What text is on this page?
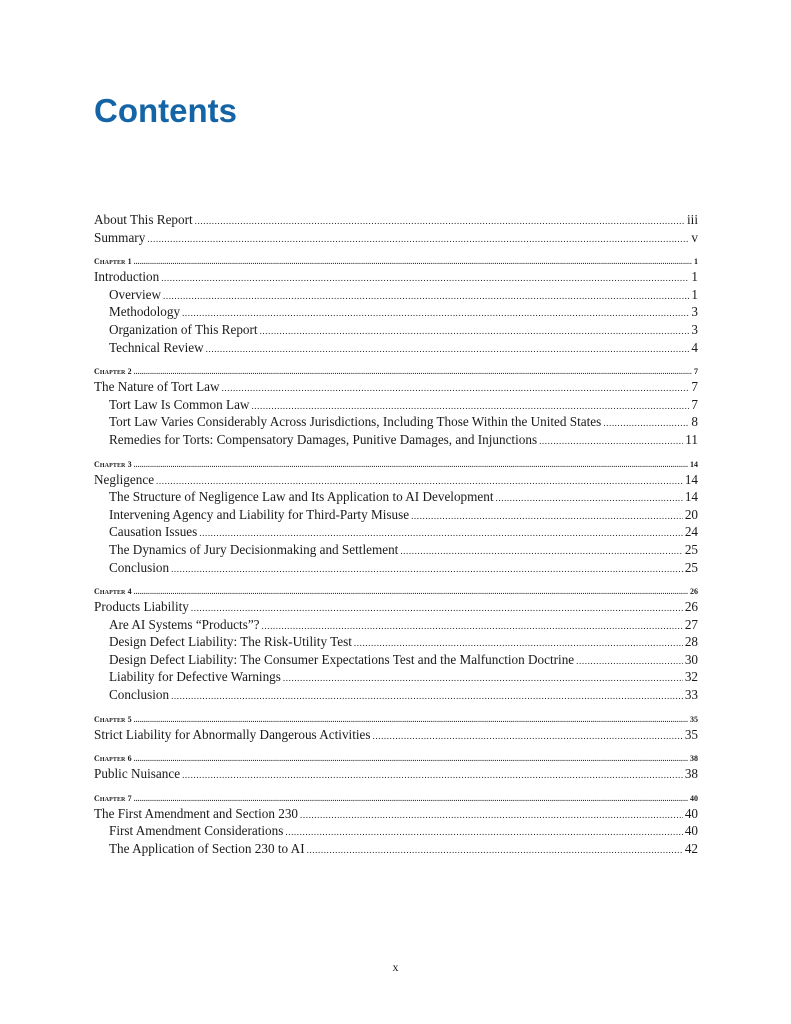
Contents
About This Report .....	iii
Summary .....	v
Chapter 1 .....	1
Introduction .....	1
Overview .....	1
Methodology .....	3
Organization of This Report .....	3
Technical Review .....	4
Chapter 2 .....	7
The Nature of Tort Law .....	7
Tort Law Is Common Law .....	7
Tort Law Varies Considerably Across Jurisdictions, Including Those Within the United States .....	8
Remedies for Torts: Compensatory Damages, Punitive Damages, and Injunctions .....	11
Chapter 3 .....	14
Negligence .....	14
The Structure of Negligence Law and Its Application to AI Development .....	14
Intervening Agency and Liability for Third-Party Misuse .....	20
Causation Issues .....	24
The Dynamics of Jury Decisionmaking and Settlement .....	25
Conclusion .....	25
Chapter 4 .....	26
Products Liability .....	26
Are AI Systems “Products”? .....	27
Design Defect Liability: The Risk-Utility Test .....	28
Design Defect Liability: The Consumer Expectations Test and the Malfunction Doctrine .....	30
Liability for Defective Warnings .....	32
Conclusion .....	33
Chapter 5 .....	35
Strict Liability for Abnormally Dangerous Activities .....	35
Chapter 6 .....	38
Public Nuisance .....	38
Chapter 7 .....	40
The First Amendment and Section 230 .....	40
First Amendment Considerations .....	40
The Application of Section 230 to AI .....	42
x
